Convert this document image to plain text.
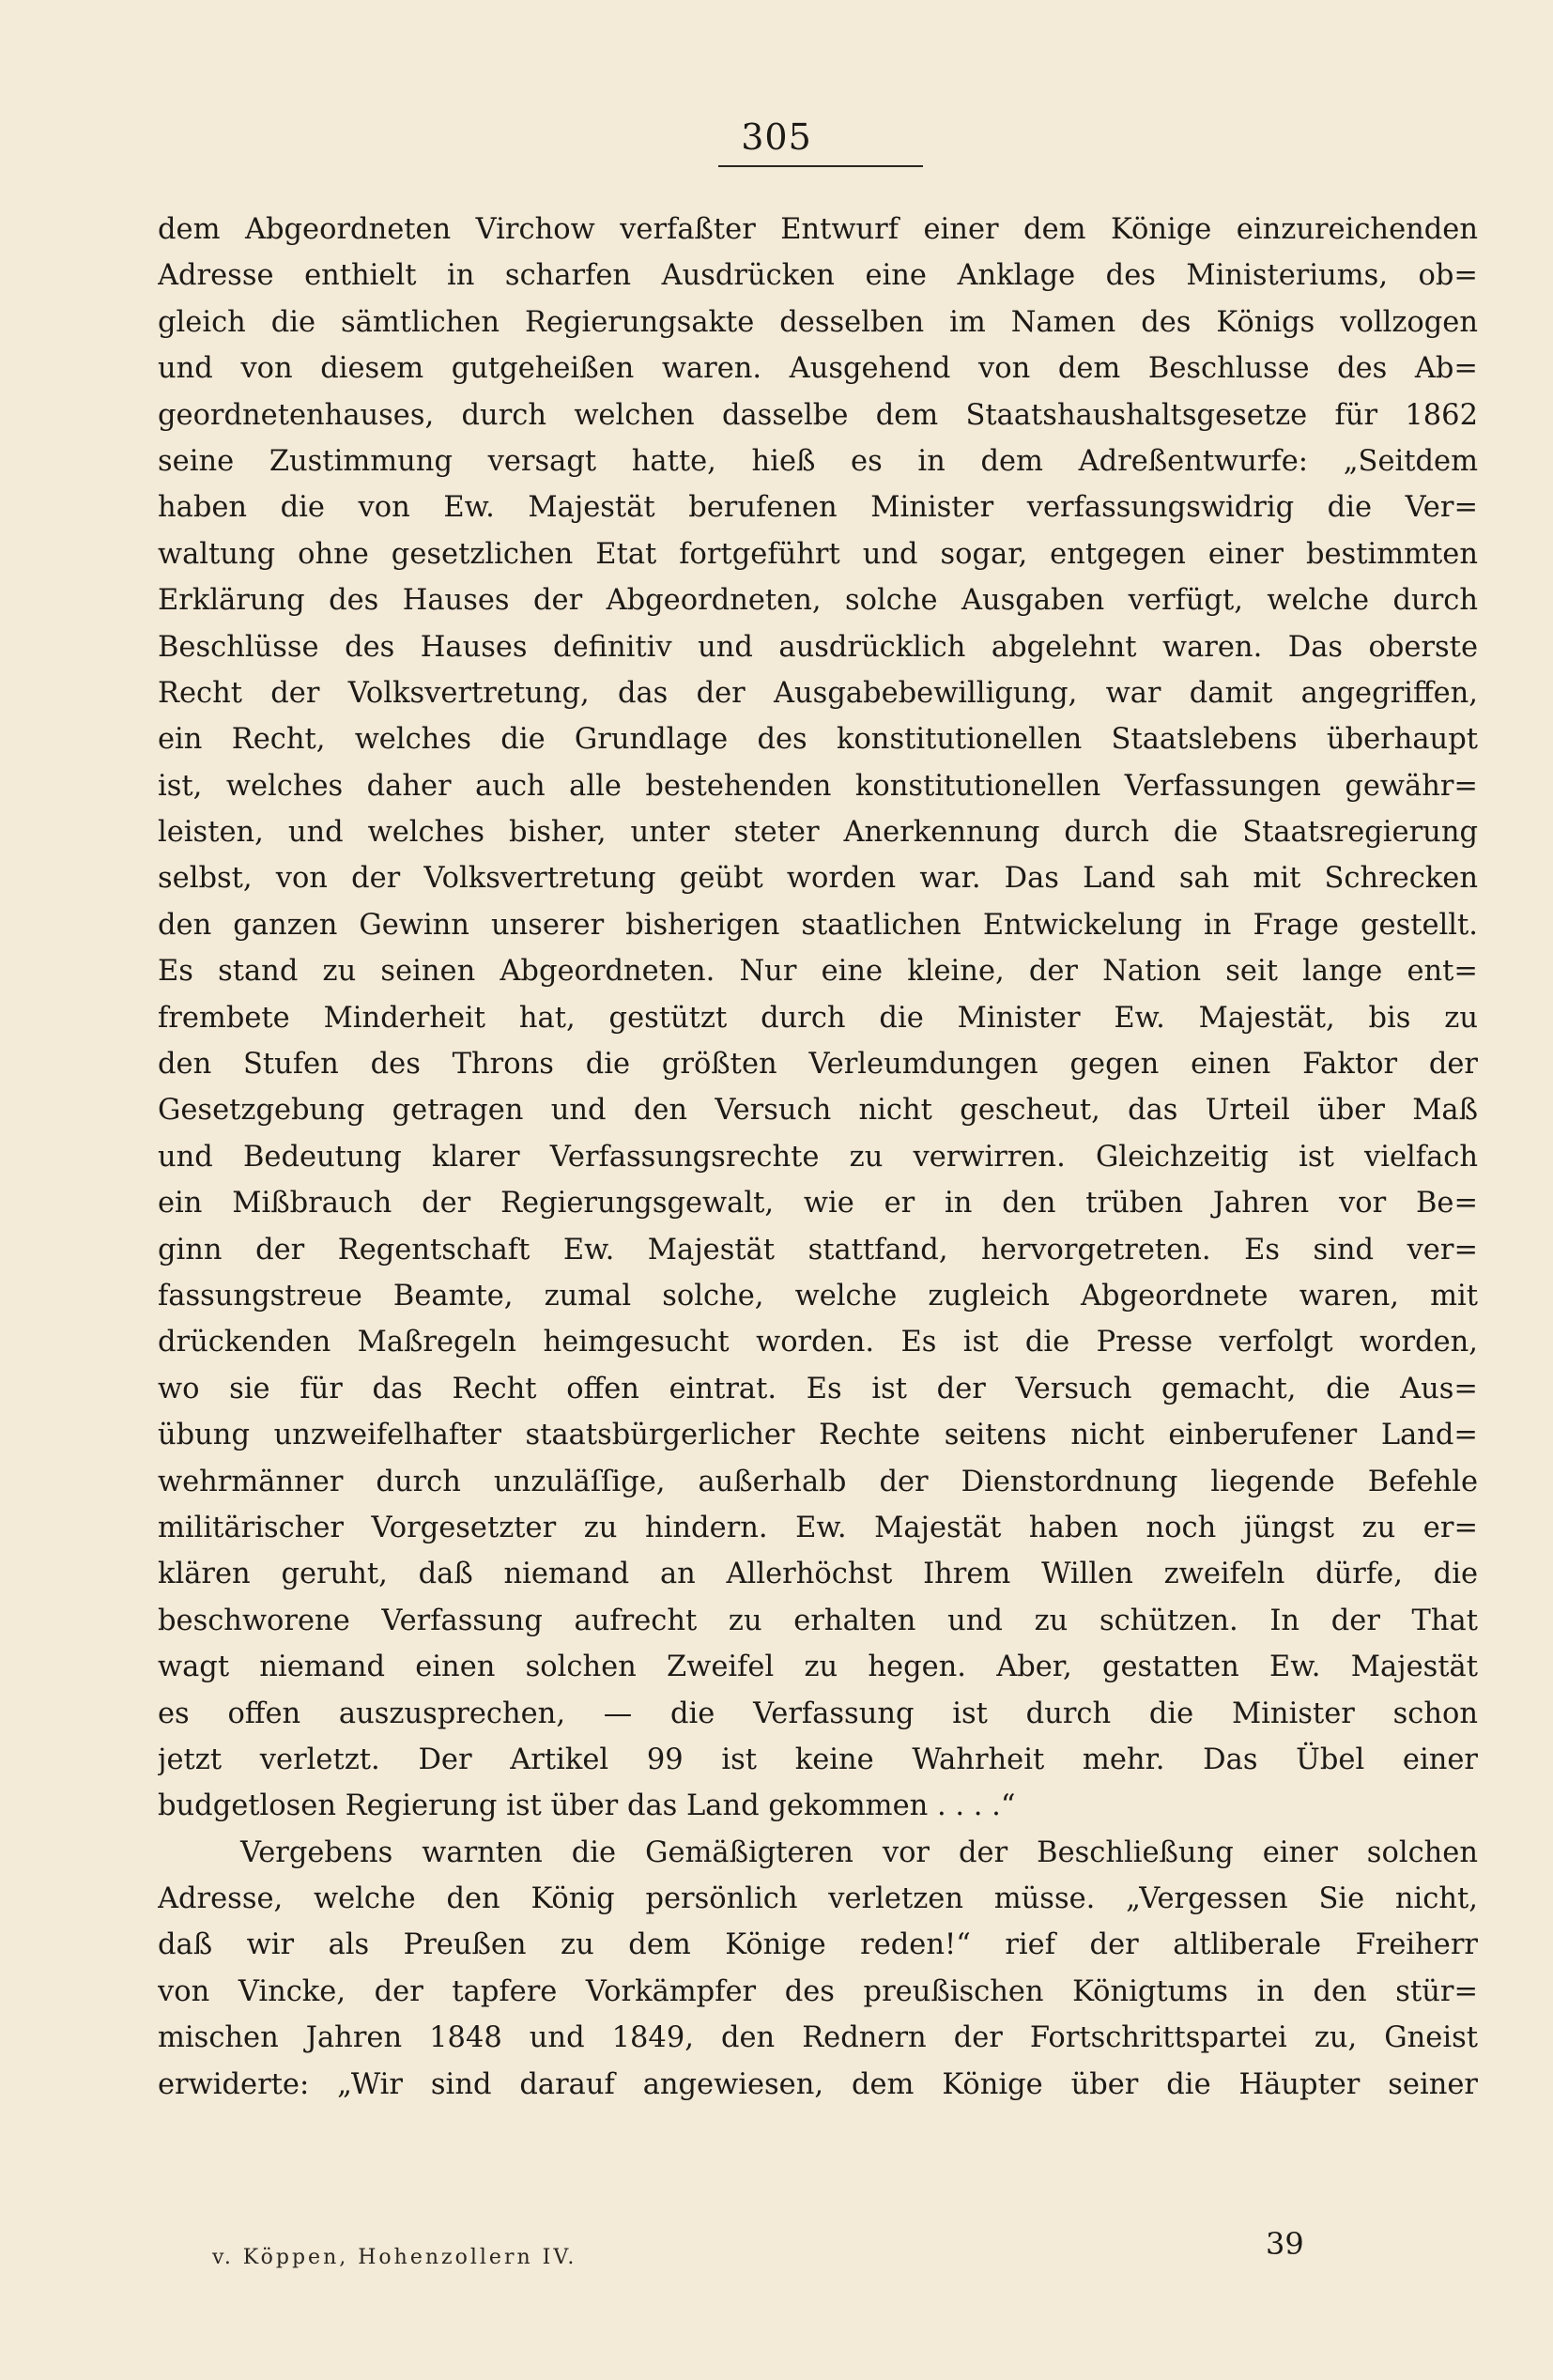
305
dem Abgeordneten Virchow verfaßter Entwurf einer dem Könige einzureichenden
Adresse enthielt in scharfen Ausdrücken eine Anklage des Ministeriums, ob=
gleich die sämtlichen Regierungsakte desselben im Namen des Königs vollzogen
und von diesem gutgeheißen waren. Ausgehend von dem Beschlusse des Ab=
geordnetenhauses, durch welchen dasselbe dem Staatshaushaltsgesetze für 1862
seine Zustimmung versagt hatte, hieß es in dem Adreßentwurfe: „Seitdem
haben die von Ew. Majestät berufenen Minister verfassungswidrig die Ver=
waltung ohne gesetzlichen Etat fortgeführt und sogar, entgegen einer bestimmten
Erklärung des Hauses der Abgeordneten, solche Ausgaben verfügt, welche durch
Beschlüsse des Hauses definitiv und ausdrücklich abgelehnt waren. Das oberste
Recht der Volksvertretung, das der Ausgabebewilligung, war damit angegriffen,
ein Recht, welches die Grundlage des konstitutionellen Staatslebens überhaupt
ist, welches daher auch alle bestehenden konstitutionellen Verfassungen gewähr=
leisten, und welches bisher, unter steter Anerkennung durch die Staatsregierung
selbst, von der Volksvertretung geübt worden war. Das Land sah mit Schrecken
den ganzen Gewinn unserer bisherigen staatlichen Entwickelung in Frage gestellt.
Es stand zu seinen Abgeordneten. Nur eine kleine, der Nation seit lange ent=
frembete Minderheit hat, gestützt durch die Minister Ew. Majestät, bis zu
den Stufen des Throns die größten Verleumdungen gegen einen Faktor der
Gesetzgebung getragen und den Versuch nicht gescheut, das Urteil über Maß
und Bedeutung klarer Verfassungsrechte zu verwirren. Gleichzeitig ist vielfach
ein Mißbrauch der Regierungsgewalt, wie er in den trüben Jahren vor Be=
ginn der Regentschaft Ew. Majestät stattfand, hervorgetreten. Es sind ver=
fassungstreue Beamte, zumal solche, welche zugleich Abgeordnete waren, mit
drückenden Maßregeln heimgesucht worden. Es ist die Presse verfolgt worden,
wo sie für das Recht offen eintrat. Es ist der Versuch gemacht, die Aus=
übung unzweifelhafter staatsbürgerlicher Rechte seitens nicht einberufener Land=
wehrmänner durch unzuläſſige, außerhalb der Dienstordnung liegende Befehle
militärischer Vorgesetzter zu hindern. Ew. Majestät haben noch jüngst zu er=
klären geruht, daß niemand an Allerhöchst Ihrem Willen zweifeln dürfe, die
beschworene Verfassung aufrecht zu erhalten und zu schützen. In der That
wagt niemand einen solchen Zweifel zu hegen. Aber, gestatten Ew. Majestät
es offen auszusprechen, — die Verfassung ist durch die Minister schon
jetzt verletzt. Der Artikel 99 ist keine Wahrheit mehr. Das Übel einer
budgetlosen Regierung ist über das Land gekommen . . . .“
Vergebens warnten die Gemäßigteren vor der Beschließung einer solchen
Adresse, welche den König persönlich verletzen müsse. „Vergessen Sie nicht,
daß wir als Preußen zu dem Könige reden!“ rief der altliberale Freiherr
von Vincke, der tapfere Vorkämpfer des preußischen Königtums in den stür=
mischen Jahren 1848 und 1849, den Rednern der Fortschrittspartei zu, Gneist
erwiderte: „Wir sind darauf angewiesen, dem Könige über die Häupter seiner
v. Köppen, Hohenzollern IV.	39
